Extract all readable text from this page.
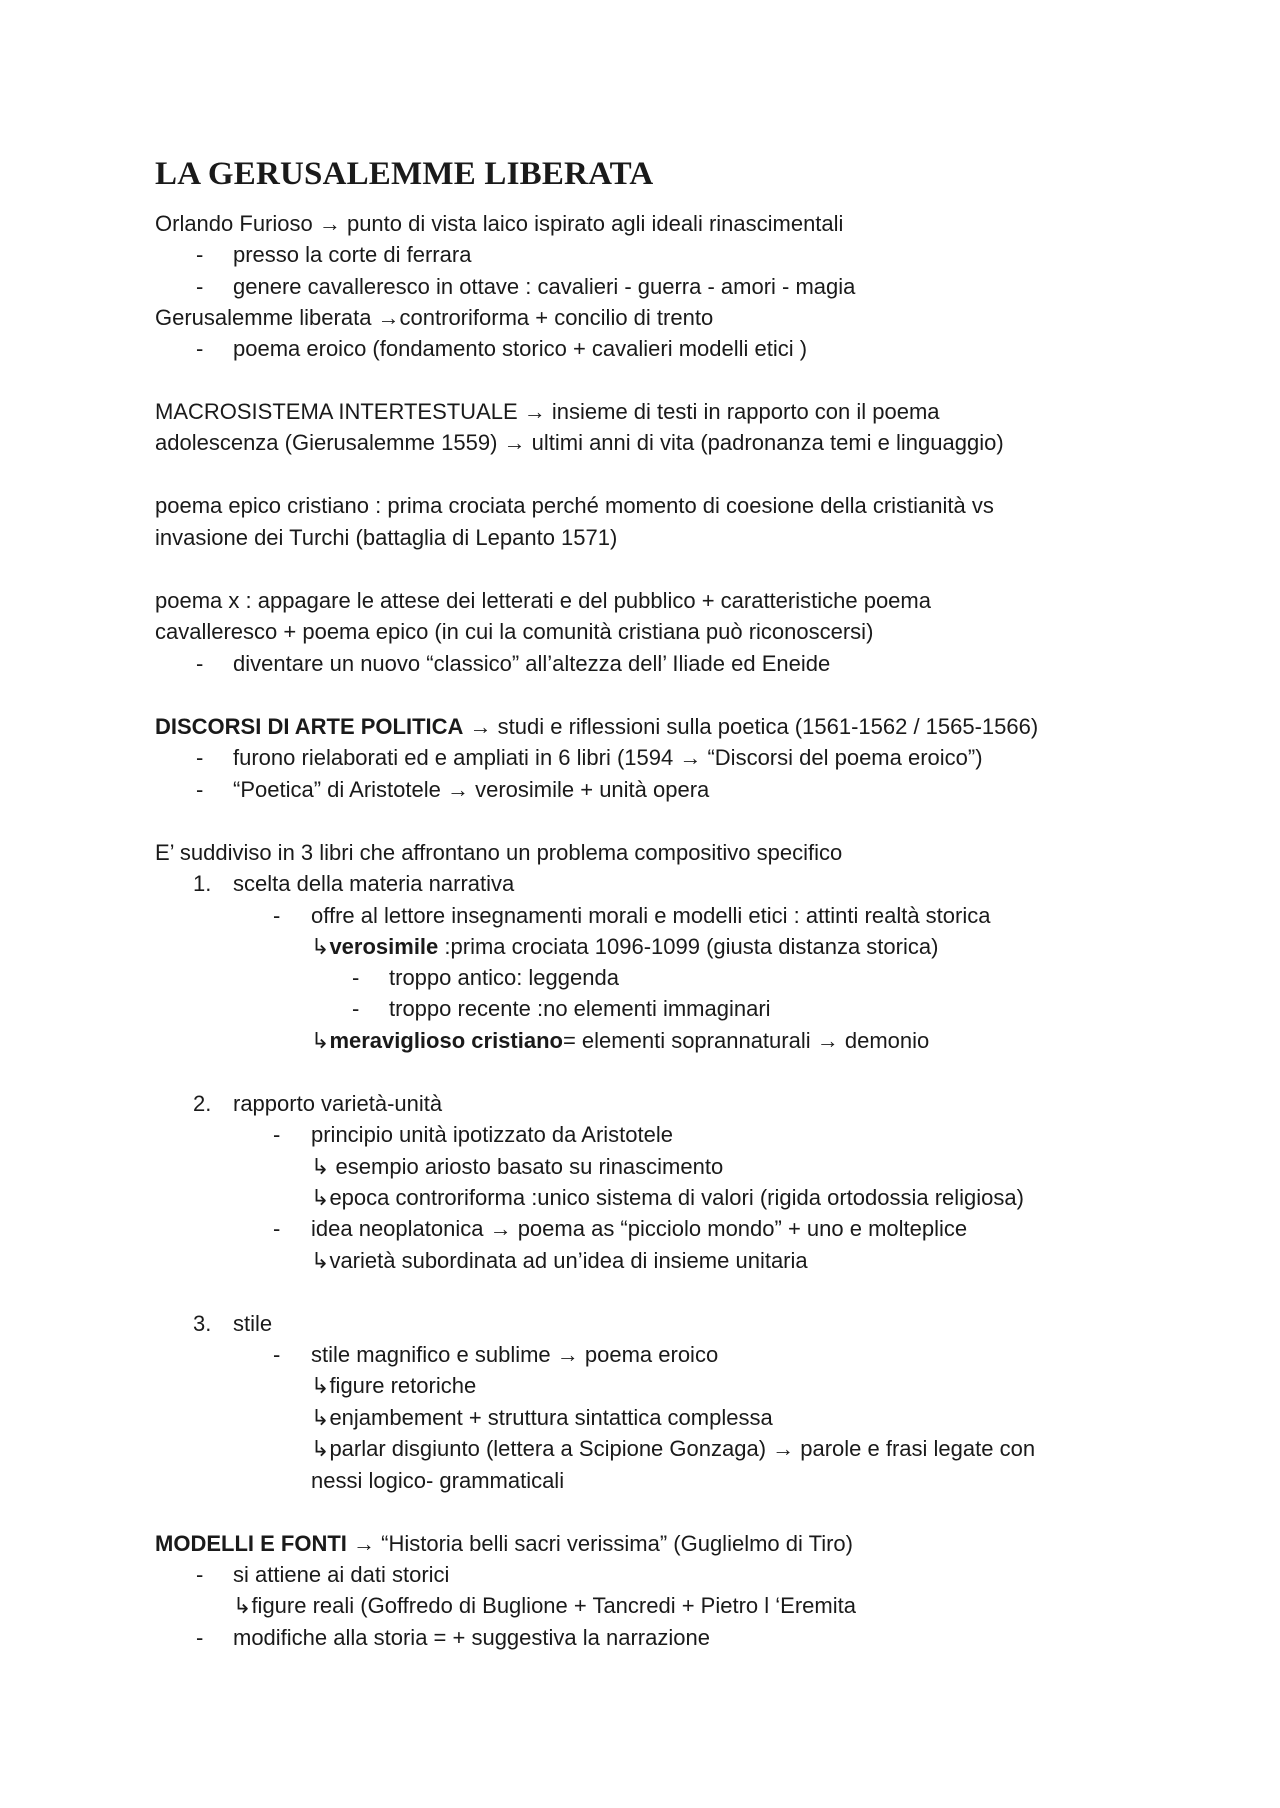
LA GERUSALEMME LIBERATA
Orlando Furioso → punto di vista laico ispirato agli ideali rinascimentali
- presso la corte di ferrara
- genere cavalleresco in ottave : cavalieri - guerra - amori - magia
Gerusalemme liberata →controriforma + concilio di trento
- poema eroico (fondamento storico + cavalieri modelli etici )
MACROSISTEMA INTERTESTUALE → insieme di testi in rapporto con il poema
adolescenza (Gierusalemme 1559) → ultimi anni di vita (padronanza temi e linguaggio)
poema epico cristiano : prima crociata perché momento di coesione della cristianità vs
invasione dei Turchi (battaglia di Lepanto 1571)
poema x : appagare le attese dei letterati e del pubblico + caratteristiche poema
cavalleresco + poema epico (in cui la comunità cristiana può riconoscersi)
- diventare un nuovo “classico” all’altezza dell’ Iliade ed Eneide
DISCORSI DI ARTE POLITICA → studi e riflessioni sulla poetica (1561-1562 / 1565-1566)
- furono rielaborati ed e ampliati in 6 libri (1594 → “Discorsi del poema eroico”)
- “Poetica” di Aristotele → verosimile + unità opera
E’ suddiviso in 3 libri che affrontano un problema compositivo specifico
1. scelta della materia narrativa
- offre al lettore insegnamenti morali e modelli etici : attinti realtà storica
↳verosimile :prima crociata 1096-1099 (giusta distanza storica)
- troppo antico: leggenda
- troppo recente :no elementi immaginari
↳meraviglioso cristiano= elementi soprannaturali → demonio
2. rapporto varietà-unità
- principio unità ipotizzato da Aristotele
↳ esempio ariosto basato su rinascimento
↳epoca controriforma :unico sistema di valori (rigida ortodossia religiosa)
- idea neoplatonica → poema as “picciolo mondo” + uno e molteplice
↳varietà subordinata ad un’idea di insieme unitaria
3. stile
- stile magnifico e sublime → poema eroico
↳figure retoriche
↳enjambement + struttura sintattica complessa
↳parlar disgiunto (lettera a Scipione Gonzaga) → parole e frasi legate con
nessi logico- grammaticali
MODELLI E FONTI → “Historia belli sacri verissima” (Guglielmo di Tiro)
- si attiene ai dati storici
↳figure reali (Goffredo di Buglione + Tancredi + Pietro l ‘Eremita
- modifiche alla storia = + suggestiva la narrazione
